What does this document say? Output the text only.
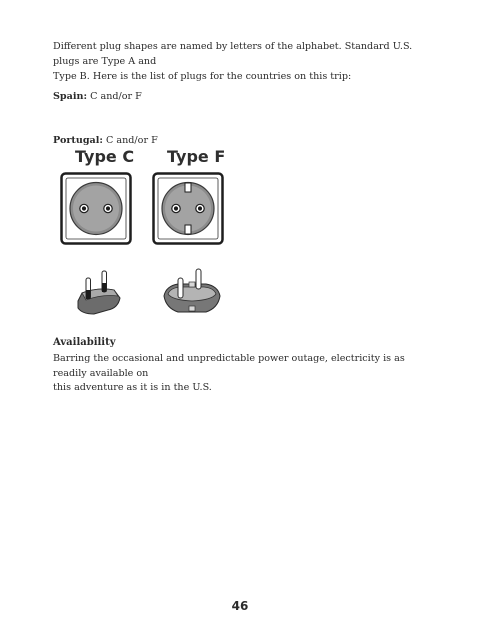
Different plug shapes are named by letters of the alphabet. Standard U.S. plugs are Type A and
Type B. Here is the list of plugs for the countries on this trip:

Spain: C and/or F

Portugal: C and/or F

Type C Type F
Availability

Barring the occasional and unpredictable power outage, electricity is as readily available on
this adventure as it is in the U.S.

46
